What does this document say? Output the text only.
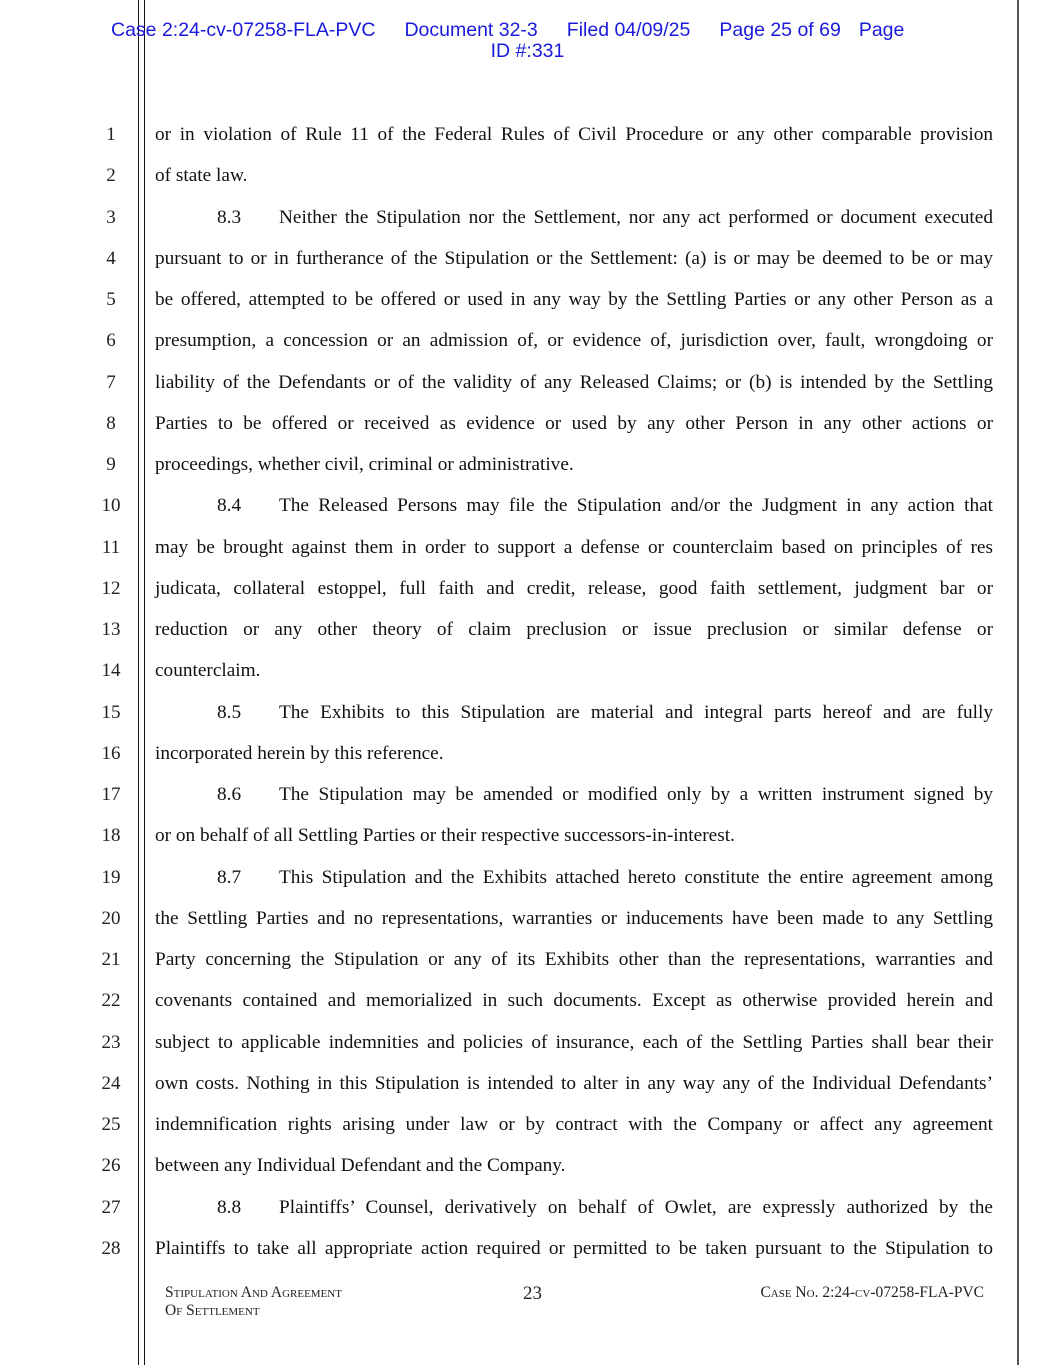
Case 2:24-cv-07258-FLA-PVC Document 32-3 Filed 04/09/25 Page 25 of 69 Page
ID #:331
1
2
3
4
5
6
7
8
9
10
11
12
13
14
15
16
17
18
19
20
21
22
23
24
25
26
27
28
or in violation of Rule 11 of the Federal Rules of Civil Procedure or any other comparable provision
of state law.
8.3 Neither the Stipulation nor the Settlement, nor any act performed or document executed
pursuant to or in furtherance of the Stipulation or the Settlement: (a) is or may be deemed to be or may
be offered, attempted to be offered or used in any way by the Settling Parties or any other Person as a
presumption, a concession or an admission of, or evidence of, jurisdiction over, fault, wrongdoing or
liability of the Defendants or of the validity of any Released Claims; or (b) is intended by the Settling
Parties to be offered or received as evidence or used by any other Person in any other actions or
proceedings, whether civil, criminal or administrative.
8.4 The Released Persons may file the Stipulation and/or the Judgment in any action that
may be brought against them in order to support a defense or counterclaim based on principles of res
judicata, collateral estoppel, full faith and credit, release, good faith settlement, judgment bar or
reduction or any other theory of claim preclusion or issue preclusion or similar defense or
counterclaim.
8.5 The Exhibits to this Stipulation are material and integral parts hereof and are fully
incorporated herein by this reference.
8.6 The Stipulation may be amended or modified only by a written instrument signed by
or on behalf of all Settling Parties or their respective successors-in-interest.
8.7 This Stipulation and the Exhibits attached hereto constitute the entire agreement among
the Settling Parties and no representations, warranties or inducements have been made to any Settling
Party concerning the Stipulation or any of its Exhibits other than the representations, warranties and
covenants contained and memorialized in such documents. Except as otherwise provided herein and
subject to applicable indemnities and policies of insurance, each of the Settling Parties shall bear their
own costs. Nothing in this Stipulation is intended to alter in any way any of the Individual Defendants’
indemnification rights arising under law or by contract with the Company or affect any agreement
between any Individual Defendant and the Company.
8.8 Plaintiffs’ Counsel, derivatively on behalf of Owlet, are expressly authorized by the
Plaintiffs to take all appropriate action required or permitted to be taken pursuant to the Stipulation to
Stipulation And Agreement
Of Settlement
23	Case No. 2:24-cv-07258-FLA-PVC
